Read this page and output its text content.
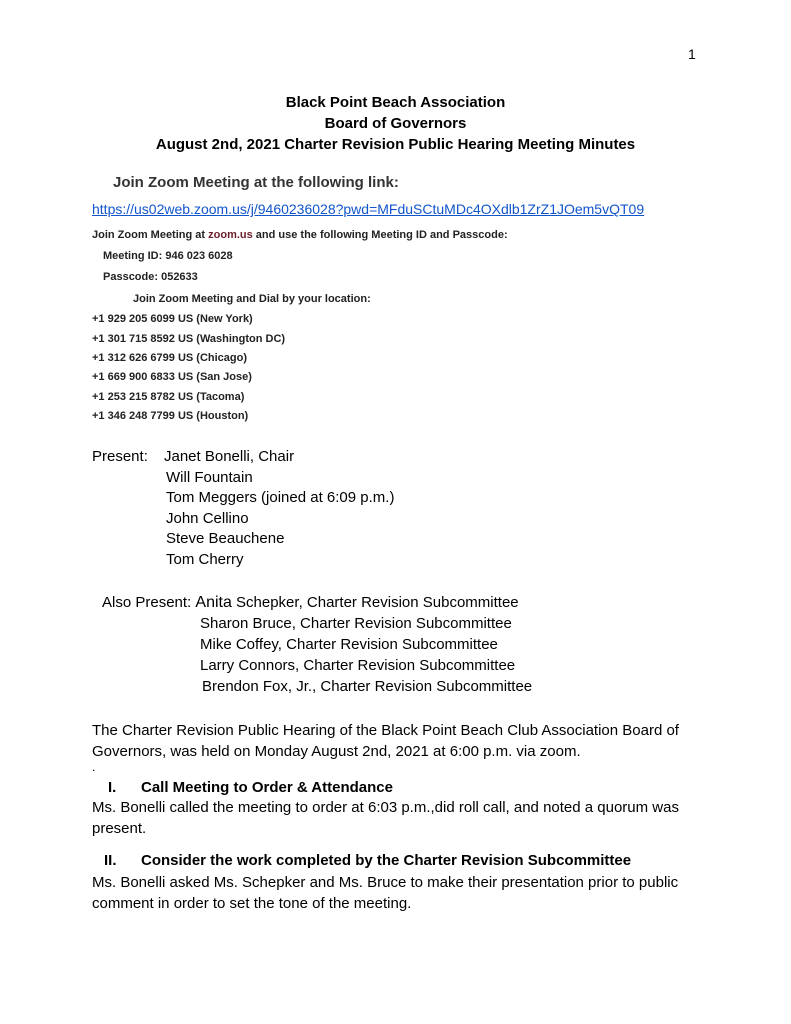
1
Black Point Beach Association
Board of Governors
August 2nd, 2021 Charter Revision Public Hearing Meeting Minutes
Join Zoom Meeting at the following link:
https://us02web.zoom.us/j/9460236028?pwd=MFduSCtuMDc4OXdlb1ZrZ1JOem5vQT09
Join Zoom Meeting at zoom.us and use the following Meeting ID and Passcode:
Meeting ID: 946 023 6028
Passcode: 052633
Join Zoom Meeting and Dial by your location:
+1 929 205 6099 US (New York)
+1 301 715 8592 US (Washington DC)
+1 312 626 6799 US (Chicago)
+1 669 900 6833 US (San Jose)
+1 253 215 8782 US (Tacoma)
+1 346 248 7799 US (Houston)
Present: Janet Bonelli, Chair
Will Fountain
Tom Meggers (joined at 6:09 p.m.)
John Cellino
Steve Beauchene
Tom Cherry
Also Present: Anita Schepker, Charter Revision Subcommittee
Sharon Bruce, Charter Revision Subcommittee
Mike Coffey, Charter Revision Subcommittee
Larry Connors, Charter Revision Subcommittee
Brendon Fox, Jr., Charter Revision Subcommittee
The Charter Revision Public Hearing of the Black Point Beach Club Association Board of Governors, was held on Monday August 2nd, 2021 at 6:00 p.m. via zoom.
.
I. Call Meeting to Order & Attendance
Ms. Bonelli called the meeting to order at 6:03 p.m.,did roll call, and noted a quorum was present.
II. Consider the work completed by the Charter Revision Subcommittee
Ms. Bonelli asked Ms. Schepker and Ms. Bruce to make their presentation prior to public comment in order to set the tone of the meeting.
